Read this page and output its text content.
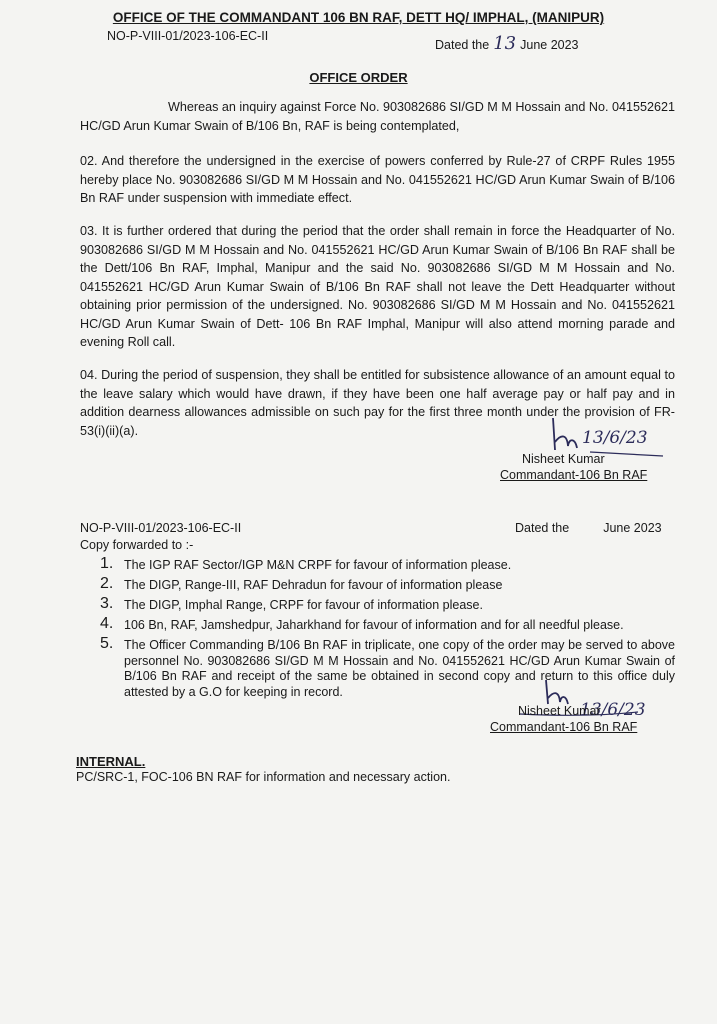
OFFICE OF THE COMMANDANT 106 BN RAF, DETT HQ/ IMPHAL, (MANIPUR)
NO-P-VIII-01/2023-106-EC-II
Dated the 13 June 2023
OFFICE ORDER
Whereas an inquiry against Force No. 903082686 SI/GD M M Hossain and No. 041552621 HC/GD Arun Kumar Swain of B/106 Bn, RAF is being contemplated,
02. And therefore the undersigned in the exercise of powers conferred by Rule-27 of CRPF Rules 1955 hereby place No. 903082686 SI/GD M M Hossain and No. 041552621 HC/GD Arun Kumar Swain of B/106 Bn RAF under suspension with immediate effect.
03. It is further ordered that during the period that the order shall remain in force the Headquarter of No. 903082686 SI/GD M M Hossain and No. 041552621 HC/GD Arun Kumar Swain of B/106 Bn RAF shall be the Dett/106 Bn RAF, Imphal, Manipur and the said No. 903082686 SI/GD M M Hossain and No. 041552621 HC/GD Arun Kumar Swain of B/106 Bn RAF shall not leave the Dett Headquarter without obtaining prior permission of the undersigned. No. 903082686 SI/GD M M Hossain and No. 041552621 HC/GD Arun Kumar Swain of Dett- 106 Bn RAF Imphal, Manipur will also attend morning parade and evening Roll call.
04. During the period of suspension, they shall be entitled for subsistence allowance of an amount equal to the leave salary which would have drawn, if they have been one half average pay or half pay and in addition dearness allowances admissible on such pay for the first three month under the provision of FR-53(i)(ii)(a).	13/6/23
Nisheet Kumar
Commandant-106 Bn RAF
NO-P-VIII-01/2023-106-EC-II	Dated the	June 2023
Copy forwarded to :-
1. The IGP RAF Sector/IGP M&N CRPF for favour of information please.
2. The DIGP, Range-III, RAF Dehradun for favour of information please
3. The DIGP, Imphal Range, CRPF for favour of information please.
4. 106 Bn, RAF, Jamshedpur, Jaharkhand for favour of information and for all needful please.
5. The Officer Commanding B/106 Bn RAF in triplicate, one copy of the order may be served to above personnel No. 903082686 SI/GD M M Hossain and No. 041552621 HC/GD Arun Kumar Swain of B/106 Bn RAF and receipt of the same be obtained in second copy and return to this office duly attested by a G.O for keeping in record.
13/6/23
Nisheet Kumar
Commandant-106 Bn RAF
INTERNAL.
PC/SRC-1, FOC-106 BN RAF for information and necessary action.
